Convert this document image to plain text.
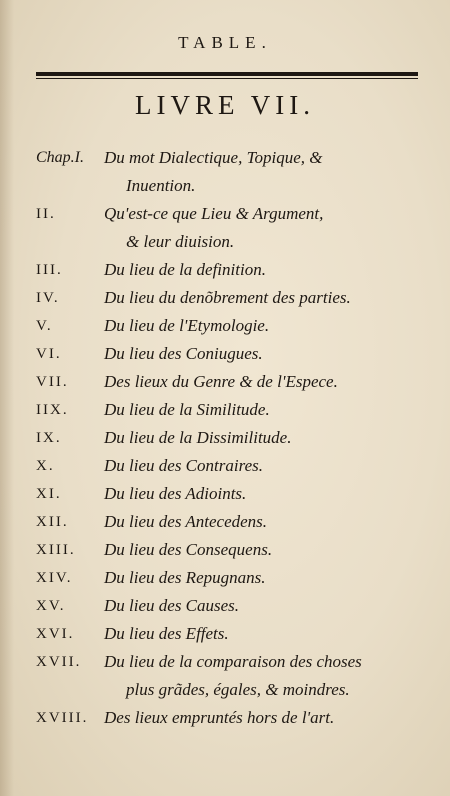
TABLE.
LIVRE VII.
Chap.I. Du mot Dialectique, Topique, &
Inuention.
II.	Qu'est-ce que Lieu & Argument,
& leur diuision.
III. Du lieu de la definition.
IV.	Du lieu du denõbrement des parties.
V.	Du lieu de l'Etymologie.
VI. Du lieu des Coniugues.
VII. Des lieux du Genre & de l'Espece.
IIX. Du lieu de la Similitude.
IX. Du lieu de la Dissimilitude.
X.	Du lieu des Contraires.
XI. Du lieu des Adioints.
XII. Du lieu des Antecedens.
XIII. Du lieu des Consequens.
XIV. Du lieu des Repugnans.
XV. Du lieu des Causes.
XVI. Du lieu des Effets.
XVII. Du lieu de la comparaison des choses
plus grãdes, égales, & moindres.
XVIII. Des lieux empruntés hors de l'art.
